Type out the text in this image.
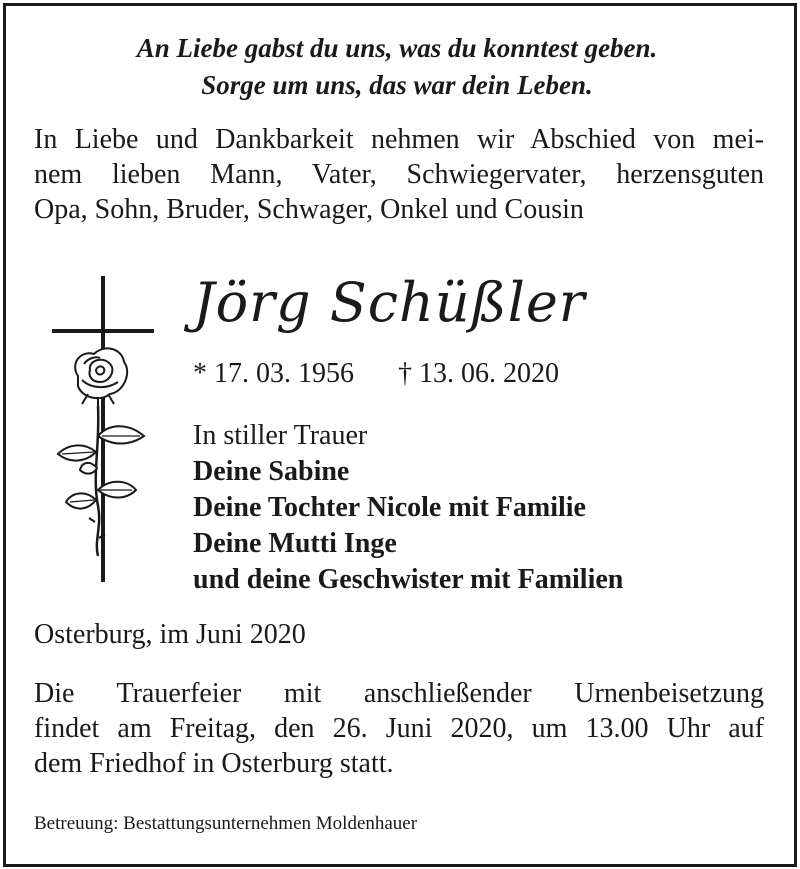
An Liebe gabst du uns, was du konntest geben.
Sorge um uns, das war dein Leben.
In Liebe und Dankbarkeit nehmen wir Abschied von mei-
nem lieben Mann, Vater, Schwiegervater, herzensguten
Opa, Sohn, Bruder, Schwager, Onkel und Cousin
Jörg Schüßler
* 17. 03. 1956 † 13. 06. 2020
In stiller Trauer
Deine Sabine
Deine Tochter Nicole mit Familie
Deine Mutti Inge
und deine Geschwister mit Familien
Osterburg, im Juni 2020
Die Trauerfeier mit anschließender Urnenbeisetzung
findet am Freitag, den 26. Juni 2020, um 13.00 Uhr auf
dem Friedhof in Osterburg statt.
Betreuung: Bestattungsunternehmen Moldenhauer
